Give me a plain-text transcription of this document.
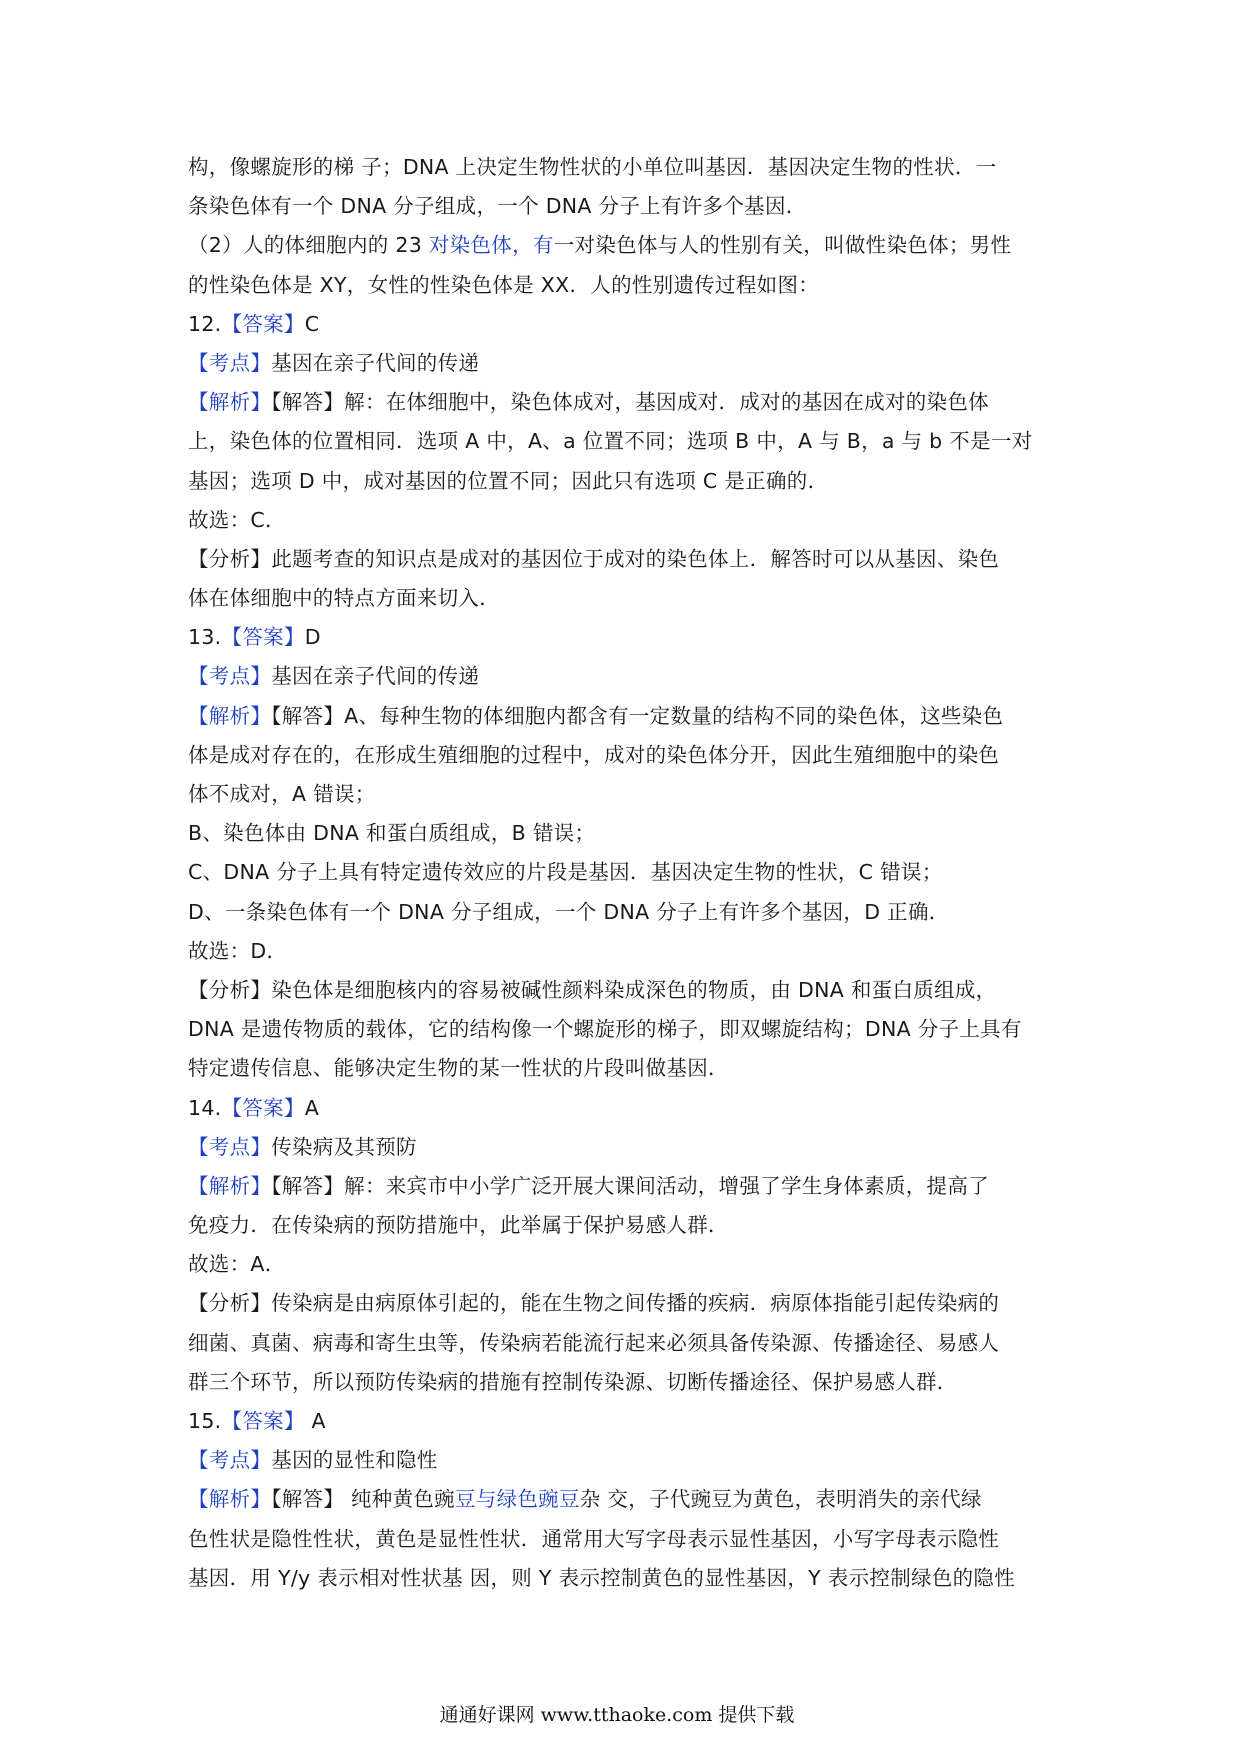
构，像螺旋形的梯 子；DNA 上决定生物性状的小单位叫基因．基因决定生物的性状．一
条染色体有一个 DNA 分子组成，一个 DNA 分子上有许多个基因．
（2）人的体细胞内的 23 对染色体，有一对染色体与人的性别有关，叫做性染色体；男性
的性染色体是 XY，女性的性染色体是 XX．人的性别遗传过程如图：
12.【答案】C
【考点】基因在亲子代间的传递
【解析】【解答】解：在体细胞中，染色体成对，基因成对．成对的基因在成对的染色体
上，染色体的位置相同．选项 A 中，A、a 位置不同；选项 B 中，A 与 B，a 与 b 不是一对
基因；选项 D 中，成对基因的位置不同；因此只有选项 C 是正确的．
故选：C．
【分析】此题考查的知识点是成对的基因位于成对的染色体上．解答时可以从基因、染色
体在体细胞中的特点方面来切入．
13.【答案】D
【考点】基因在亲子代间的传递
【解析】【解答】A、每种生物的体细胞内都含有一定数量的结构不同的染色体，这些染色
体是成对存在的，在形成生殖细胞的过程中，成对的染色体分开，因此生殖细胞中的染色
体不成对，A 错误；
B、染色体由 DNA 和蛋白质组成，B 错误；
C、DNA 分子上具有特定遗传效应的片段是基因．基因决定生物的性状，C 错误；
D、一条染色体有一个 DNA 分子组成，一个 DNA 分子上有许多个基因，D 正确．
故选：D．
【分析】染色体是细胞核内的容易被碱性颜料染成深色的物质，由 DNA 和蛋白质组成，
DNA 是遗传物质的载体，它的结构像一个螺旋形的梯子，即双螺旋结构；DNA 分子上具有
特定遗传信息、能够决定生物的某一性状的片段叫做基因．
14.【答案】A
【考点】传染病及其预防
【解析】【解答】解：来宾市中小学广泛开展大课间活动，增强了学生身体素质，提高了
免疫力．在传染病的预防措施中，此举属于保护易感人群．
故选：A．
【分析】传染病是由病原体引起的，能在生物之间传播的疾病．病原体指能引起传染病的
细菌、真菌、病毒和寄生虫等，传染病若能流行起来必须具备传染源、传播途径、易感人
群三个环节，所以预防传染病的措施有控制传染源、切断传播途径、保护易感人群．
15.【答案】 A
【考点】基因的显性和隐性
【解析】【解答】 纯种黄色豌豆与绿色豌豆杂 交，子代豌豆为黄色，表明消失的亲代绿
色性状是隐性性状，黄色是显性性状．通常用大写字母表示显性基因，小写字母表示隐性
基因．用 Y/y 表示相对性状基 因，则 Y 表示控制黄色的显性基因，Y 表示控制绿色的隐性
通通好课网 www.tthaoke.com 提供下载
